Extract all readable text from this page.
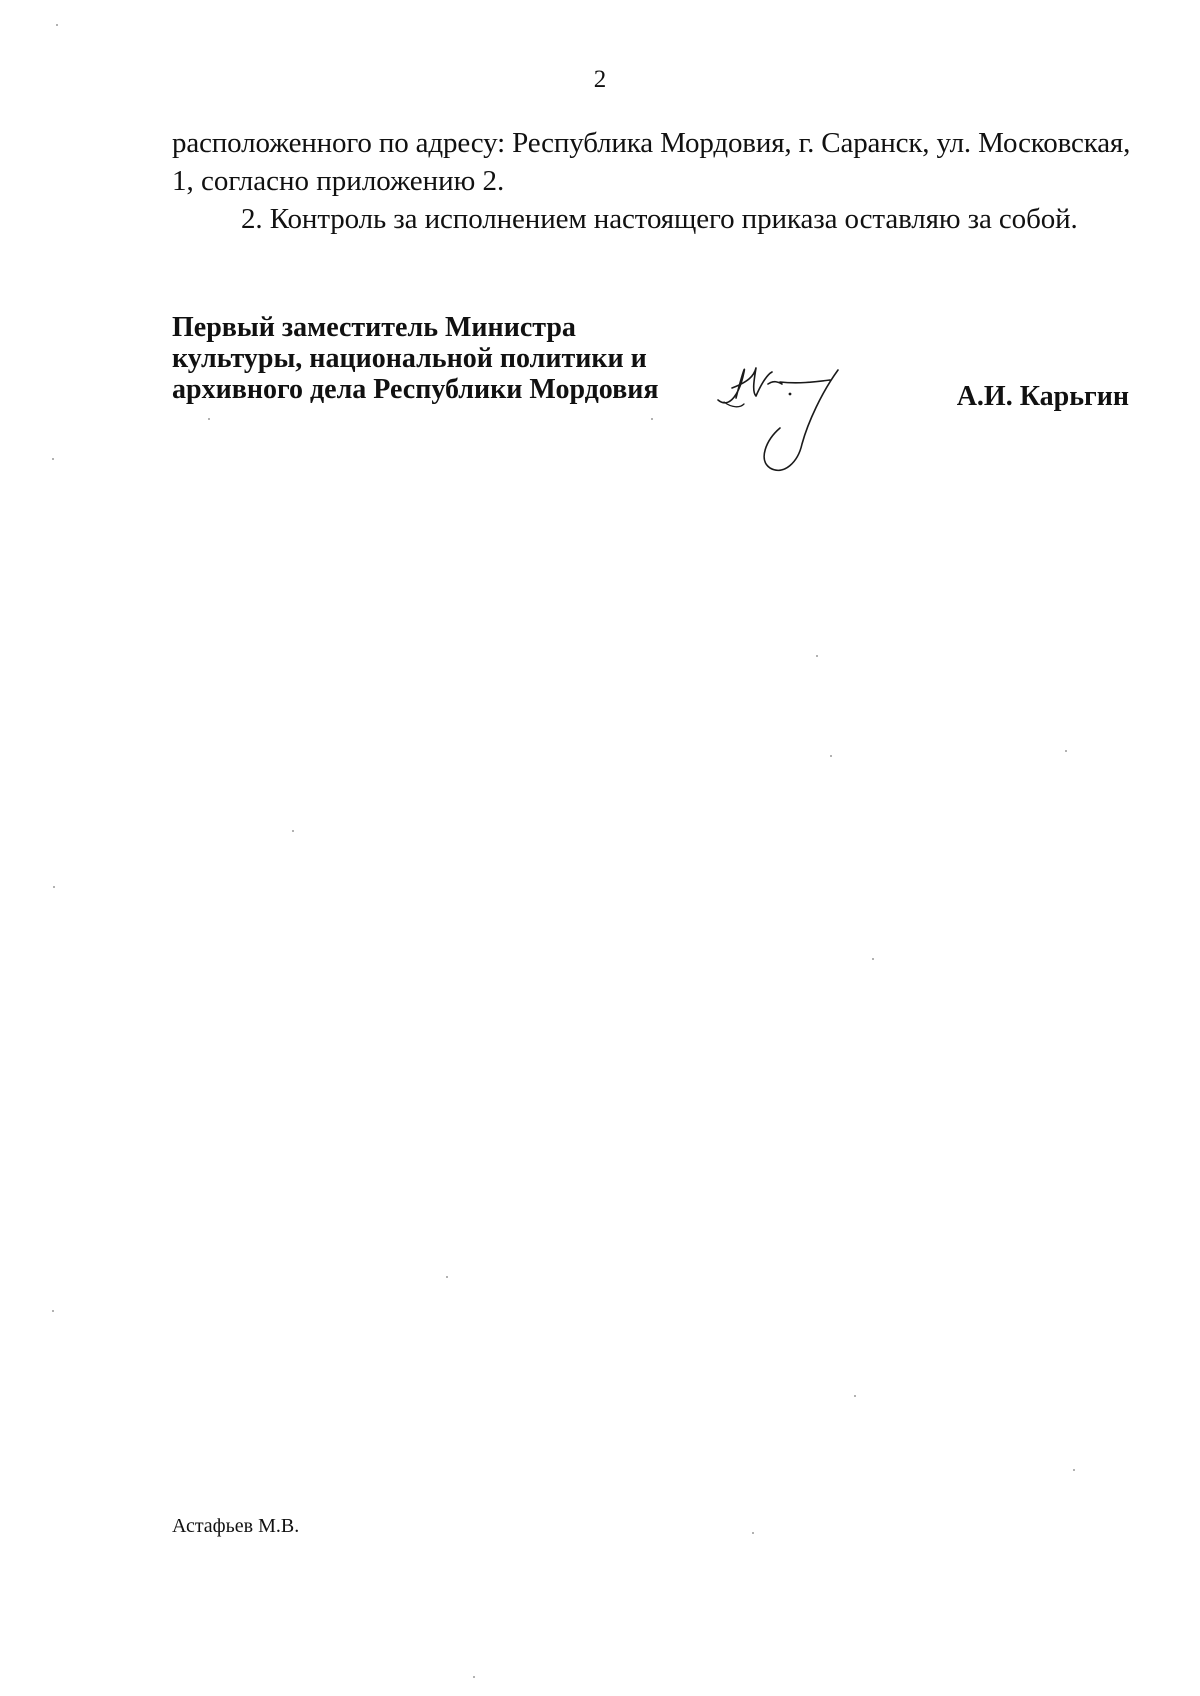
2
расположенного по адресу: Республика Мордовия, г. Саранск, ул. Московская,
1, согласно приложению 2.
2. Контроль за исполнением настоящего приказа оставляю за собой.
Первый заместитель Министра
культуры, национальной политики и
архивного дела Республики Мордовия	А.И. Карьгин
Астафьев М.В.
